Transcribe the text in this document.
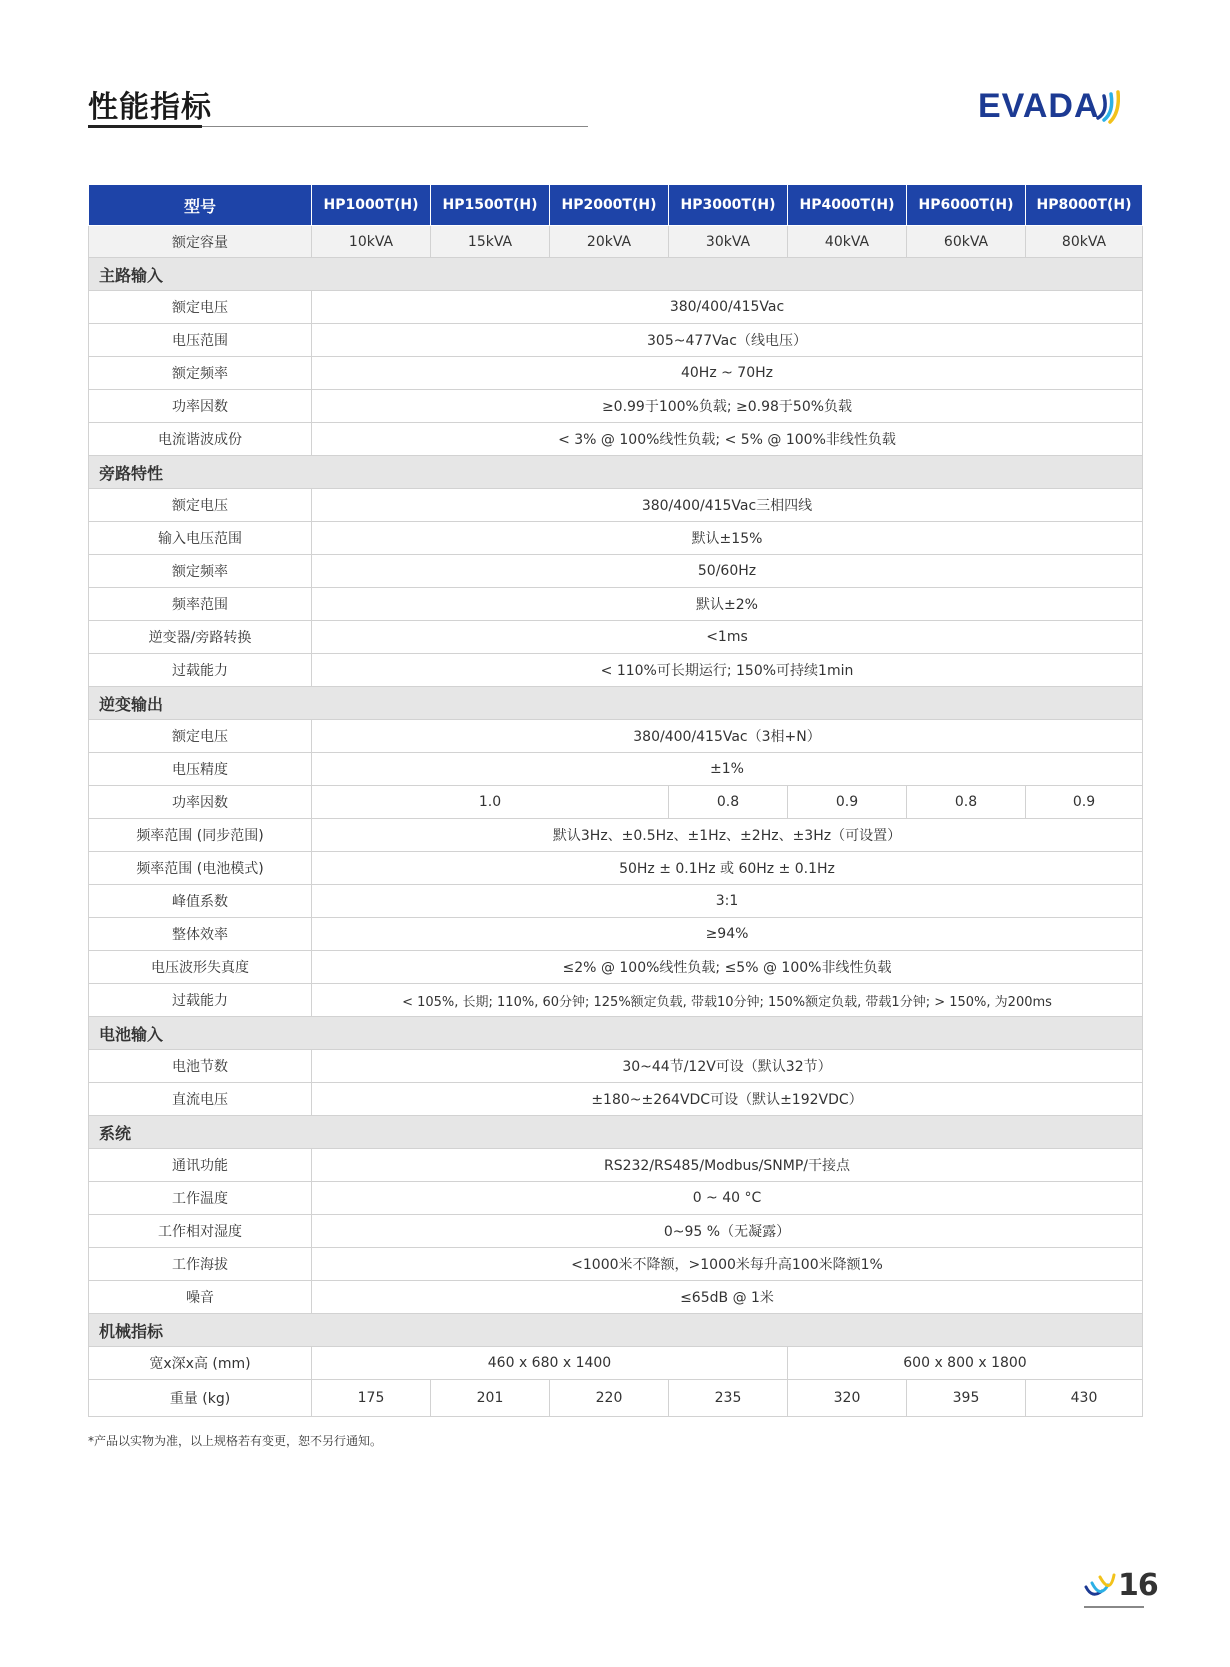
性能指标	EVADA
型号	HP1000T(H)	HP1500T(H)	HP2000T(H)	HP3000T(H)	HP4000T(H)	HP6000T(H)	HP8000T(H)
额定容量	10kVA	15kVA	20kVA	30kVA	40kVA	60kVA	80kVA
主路输入							
额定电压	380/400/415Vac						
电压范围	305~477Vac（线电压）						
额定频率	40Hz ~ 70Hz						
功率因数	≥0.99于100%负载; ≥0.98于50%负载						
电流谐波成份	< 3% @ 100%线性负载; < 5% @ 100%非线性负载						
旁路特性							
额定电压	380/400/415Vac三相四线						
输入电压范围	默认±15%						
额定频率	50/60Hz						
频率范围	默认±2%						
逆变器/旁路转换	<1ms						
过载能力	< 110%可长期运行; 150%可持续1min						
逆变输出							
额定电压	380/400/415Vac（3相+N）						
电压精度	±1%						
功率因数	1.0			0.8	0.9	0.8	0.9
频率范围 (同步范围)	默认3Hz、±0.5Hz、±1Hz、±2Hz、±3Hz（可设置）						
频率范围 (电池模式)	50Hz ± 0.1Hz 或 60Hz ± 0.1Hz						
峰值系数	3:1						
整体效率	≥94%						
电压波形失真度	≤2% @ 100%线性负载; ≤5% @ 100%非线性负载						
过载能力	< 105%, 长期; 110%, 60分钟; 125%额定负载, 带载10分钟; 150%额定负载, 带载1分钟; > 150%, 为200ms						
电池输入							
电池节数	30~44节/12V可设（默认32节）						
直流电压	±180~±264VDC可设（默认±192VDC）						
系统							
通讯功能	RS232/RS485/Modbus/SNMP/干接点						
工作温度	0 ~ 40 °C						
工作相对湿度	0~95 %（无凝露）						
工作海拔	<1000米不降额，>1000米每升高100米降额1%						
噪音	≤65dB @ 1米						
机械指标							
宽x深x高 (mm)	460 x 680 x 1400				600 x 800 x 1800		
重量 (kg)	175	201	220	235	320	395	430
*产品以实物为准，以上规格若有变更，恕不另行通知。
16
